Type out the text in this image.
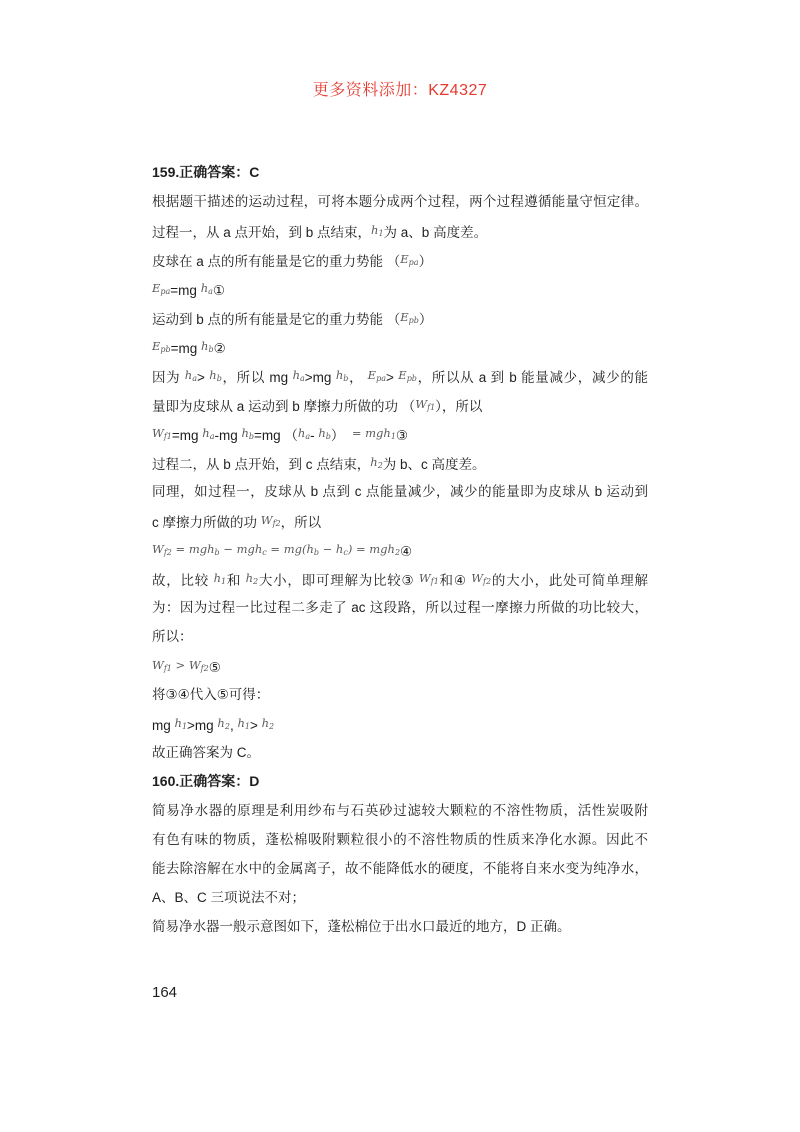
更多资料添加：KZ4327
159.正确答案：C
根据题干描述的运动过程，可将本题分成两个过程，两个过程遵循能量守恒定律。
过程一，从 a 点开始，到 b 点结束，$h_1$为 a、b 高度差。
皮球在 a 点的所有能量是它的重力势能 $(E_{pa})$
$E_{pa}=mg$ $h_a①$
运动到 b 点的所有能量是它的重力势能 $(E_{pb})$
$E_{pb}=mg$ $h_b②$
因为 $h_a> h_b$，所以 mg $h_a>mg$ $h_b$， $E_{pa}> E_{pb}$，所以从 a 到 b 能量减少，减少的能
量即为皮球从 a 运动到 b 摩擦力所做的功 $(W_{f1})$，所以
$W_{f1}=mg$ $h_a-mg$ $h_b=mg$ （$h_a-$ $h_b$）  = mgh$_1$③
过程二，从 b 点开始，到 c 点结束，$h_2$为 b、c 高度差。
同理，如过程一，皮球从 b 点到 c 点能量减少，减少的能量即为皮球从 b 运动到
c 摩擦力所做的功 $W_{f2}$，所以
$W_{f2} = mgh_b - mgh_c = mg(h_b - h_c)$ = mgh$_2$④
故，比较 $h_1$和 $h_2$大小，即可理解为比较③ $W_{f1}$和④ $W_{f2}$的大小，此处可简单理解
为：因为过程一比过程二多走了 ac 这段路，所以过程一摩擦力所做的功比较大，
所以：
$W_{f1}$ > $W_{f2}⑤$
将③④代入⑤可得：
mg $h_1>mg$ $h_2$, $h_1> h_2$
故正确答案为 C。
160.正确答案：D
简易净水器的原理是利用纱布与石英砂过滤较大颗粒的不溶性物质，活性炭吸附
有色有味的物质，蓬松棉吸附颗粒很小的不溶性物质的性质来净化水源。因此不
能去除溶解在水中的金属离子，故不能降低水的硬度，不能将自来水变为纯净水，
A、B、C 三项说法不对；
简易净水器一般示意图如下，蓬松棉位于出水口最近的地方，D 正确。
164
